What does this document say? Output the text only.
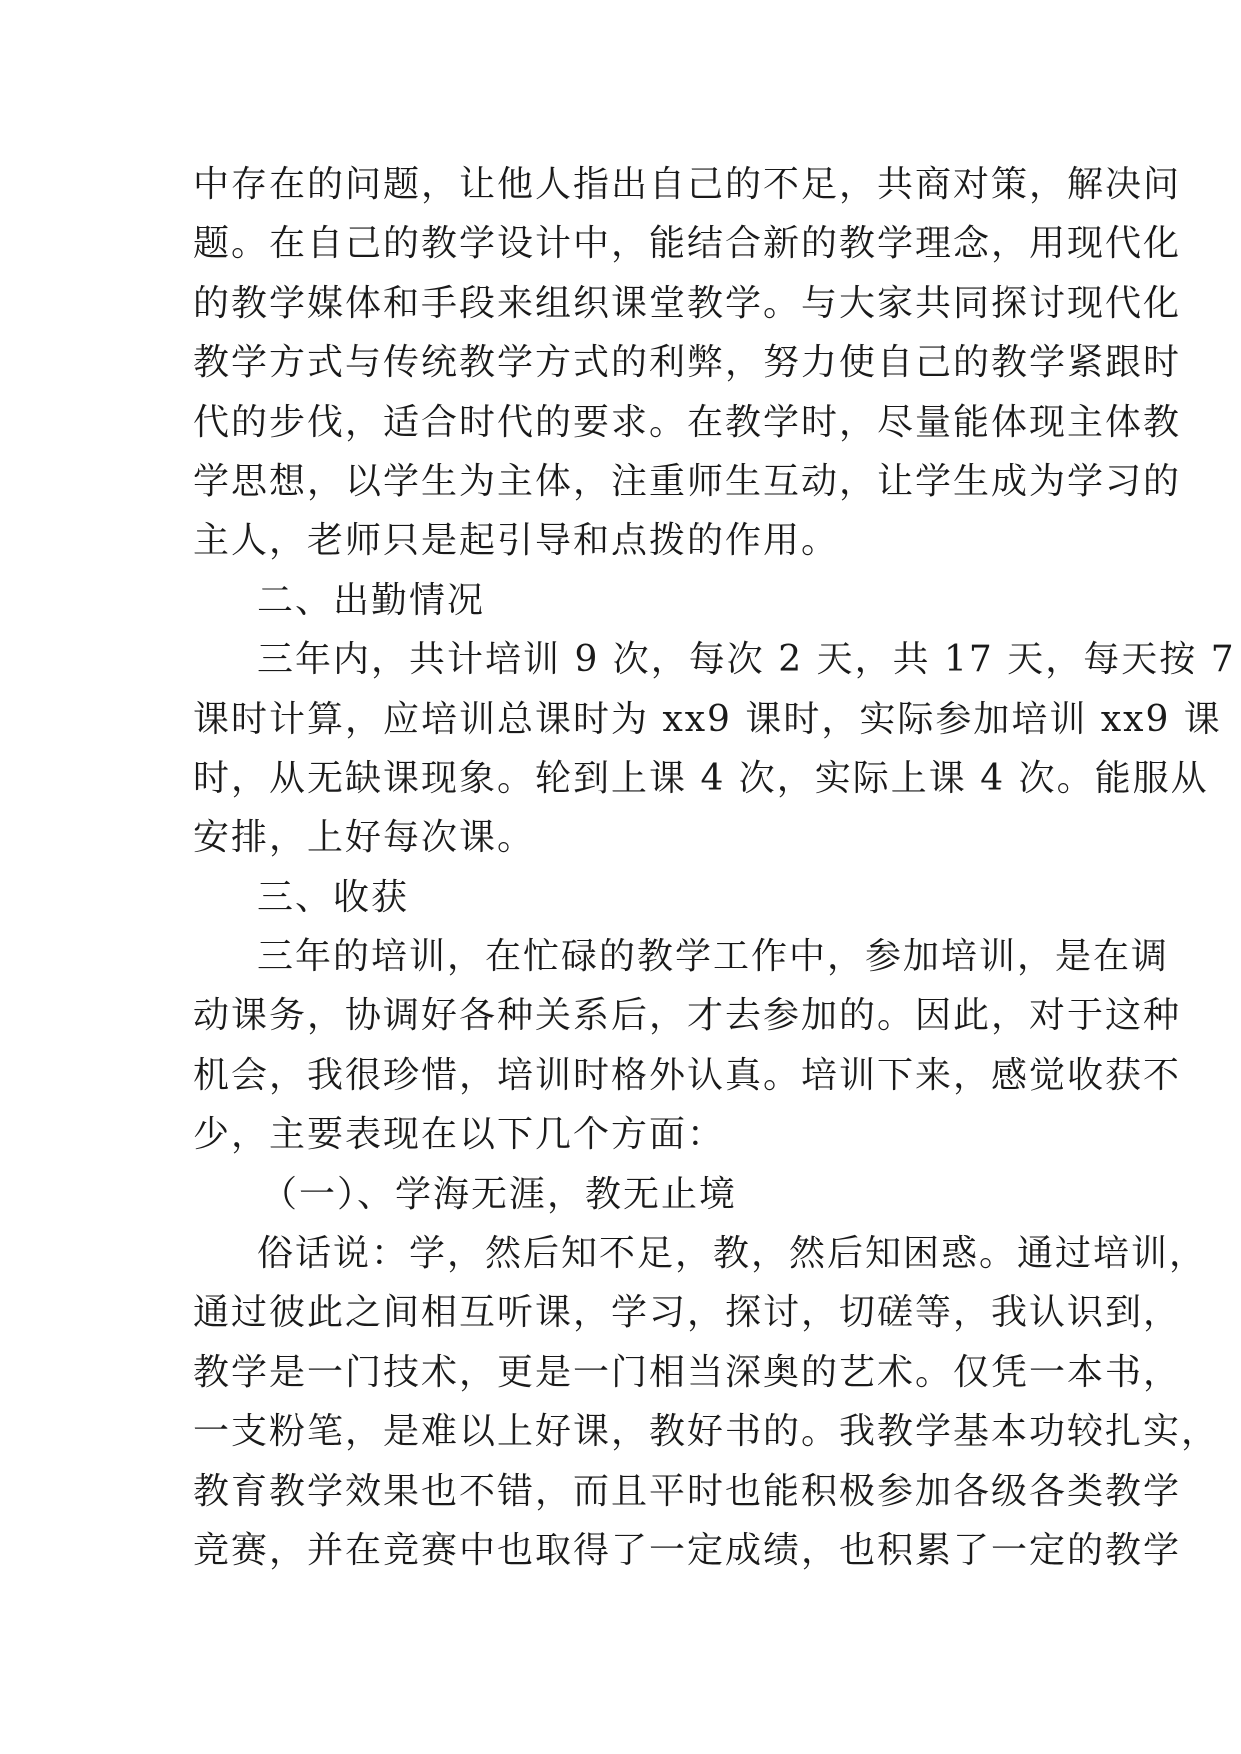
中存在的问题，让他人指出自己的不足，共商对策，解决问
题。在自己的教学设计中，能结合新的教学理念，用现代化
的教学媒体和手段来组织课堂教学。与大家共同探讨现代化
教学方式与传统教学方式的利弊，努力使自己的教学紧跟时
代的步伐，适合时代的要求。在教学时，尽量能体现主体教
学思想，以学生为主体，注重师生互动，让学生成为学习的
主人，老师只是起引导和点拨的作用。
二、出勤情况
三年内，共计培训 9 次，每次 2 天，共 17 天，每天按 7
课时计算，应培训总课时为 xx9 课时，实际参加培训 xx9 课
时，从无缺课现象。轮到上课 4 次，实际上课 4 次。能服从
安排，上好每次课。
三、收获
三年的培训，在忙碌的教学工作中，参加培训，是在调
动课务，协调好各种关系后，才去参加的。因此，对于这种
机会，我很珍惜，培训时格外认真。培训下来，感觉收获不
少，主要表现在以下几个方面：
（一）、学海无涯，教无止境
俗话说：学，然后知不足，教，然后知困惑。通过培训，
通过彼此之间相互听课，学习，探讨，切磋等，我认识到，
教学是一门技术，更是一门相当深奥的艺术。仅凭一本书，
一支粉笔，是难以上好课，教好书的。我教学基本功较扎实，
教育教学效果也不错，而且平时也能积极参加各级各类教学
竞赛，并在竞赛中也取得了一定成绩，也积累了一定的教学
